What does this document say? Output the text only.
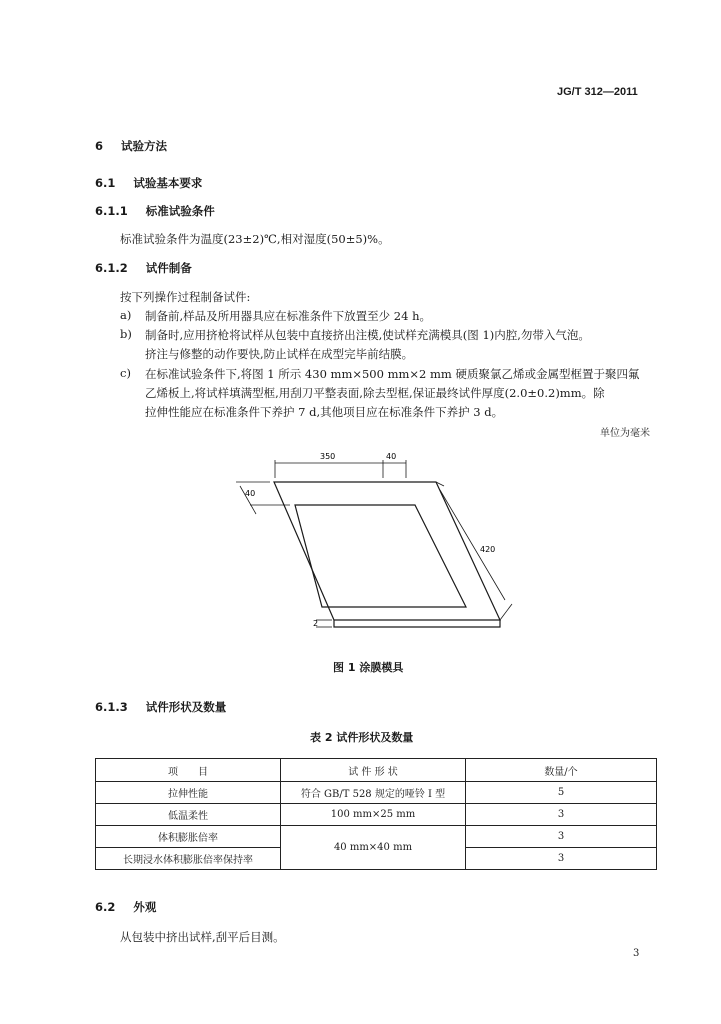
JG/T 312—2011
6 试验方法
6.1 试验基本要求
6.1.1 标准试验条件
标准试验条件为温度(23±2)℃,相对湿度(50±5)%。
6.1.2 试件制备
按下列操作过程制备试件:
a) 制备前,样品及所用器具应在标准条件下放置至少 24 h。
b) 制备时,应用挤枪将试样从包装中直接挤出注模,使试样充满模具(图 1)内腔,勿带入气泡。
挤注与修整的动作要快,防止试样在成型完毕前结膜。
c) 在标准试验条件下,将图 1 所示 430 mm×500 mm×2 mm 硬质聚氯乙烯或金属型框置于聚四氟
乙烯板上,将试样填满型框,用刮刀平整表面,除去型框,保证最终试件厚度(2.0±0.2)mm。除
拉伸性能应在标准条件下养护 7 d,其他项目应在标准条件下养护 3 d。
单位为毫米
350	40
40
420
2
图 1 涂膜模具
6.1.3 试件形状及数量
表 2 试件形状及数量
项　　目	试 件 形 状	数量/个
拉伸性能	符合 GB/T 528 规定的哑铃 I 型	5
低温柔性	100 mm×25 mm	3
体积膨胀倍率	40 mm×40 mm	3
长期浸水体积膨胀倍率保持率		3
6.2 外观
从包装中挤出试样,刮平后目测。
3
